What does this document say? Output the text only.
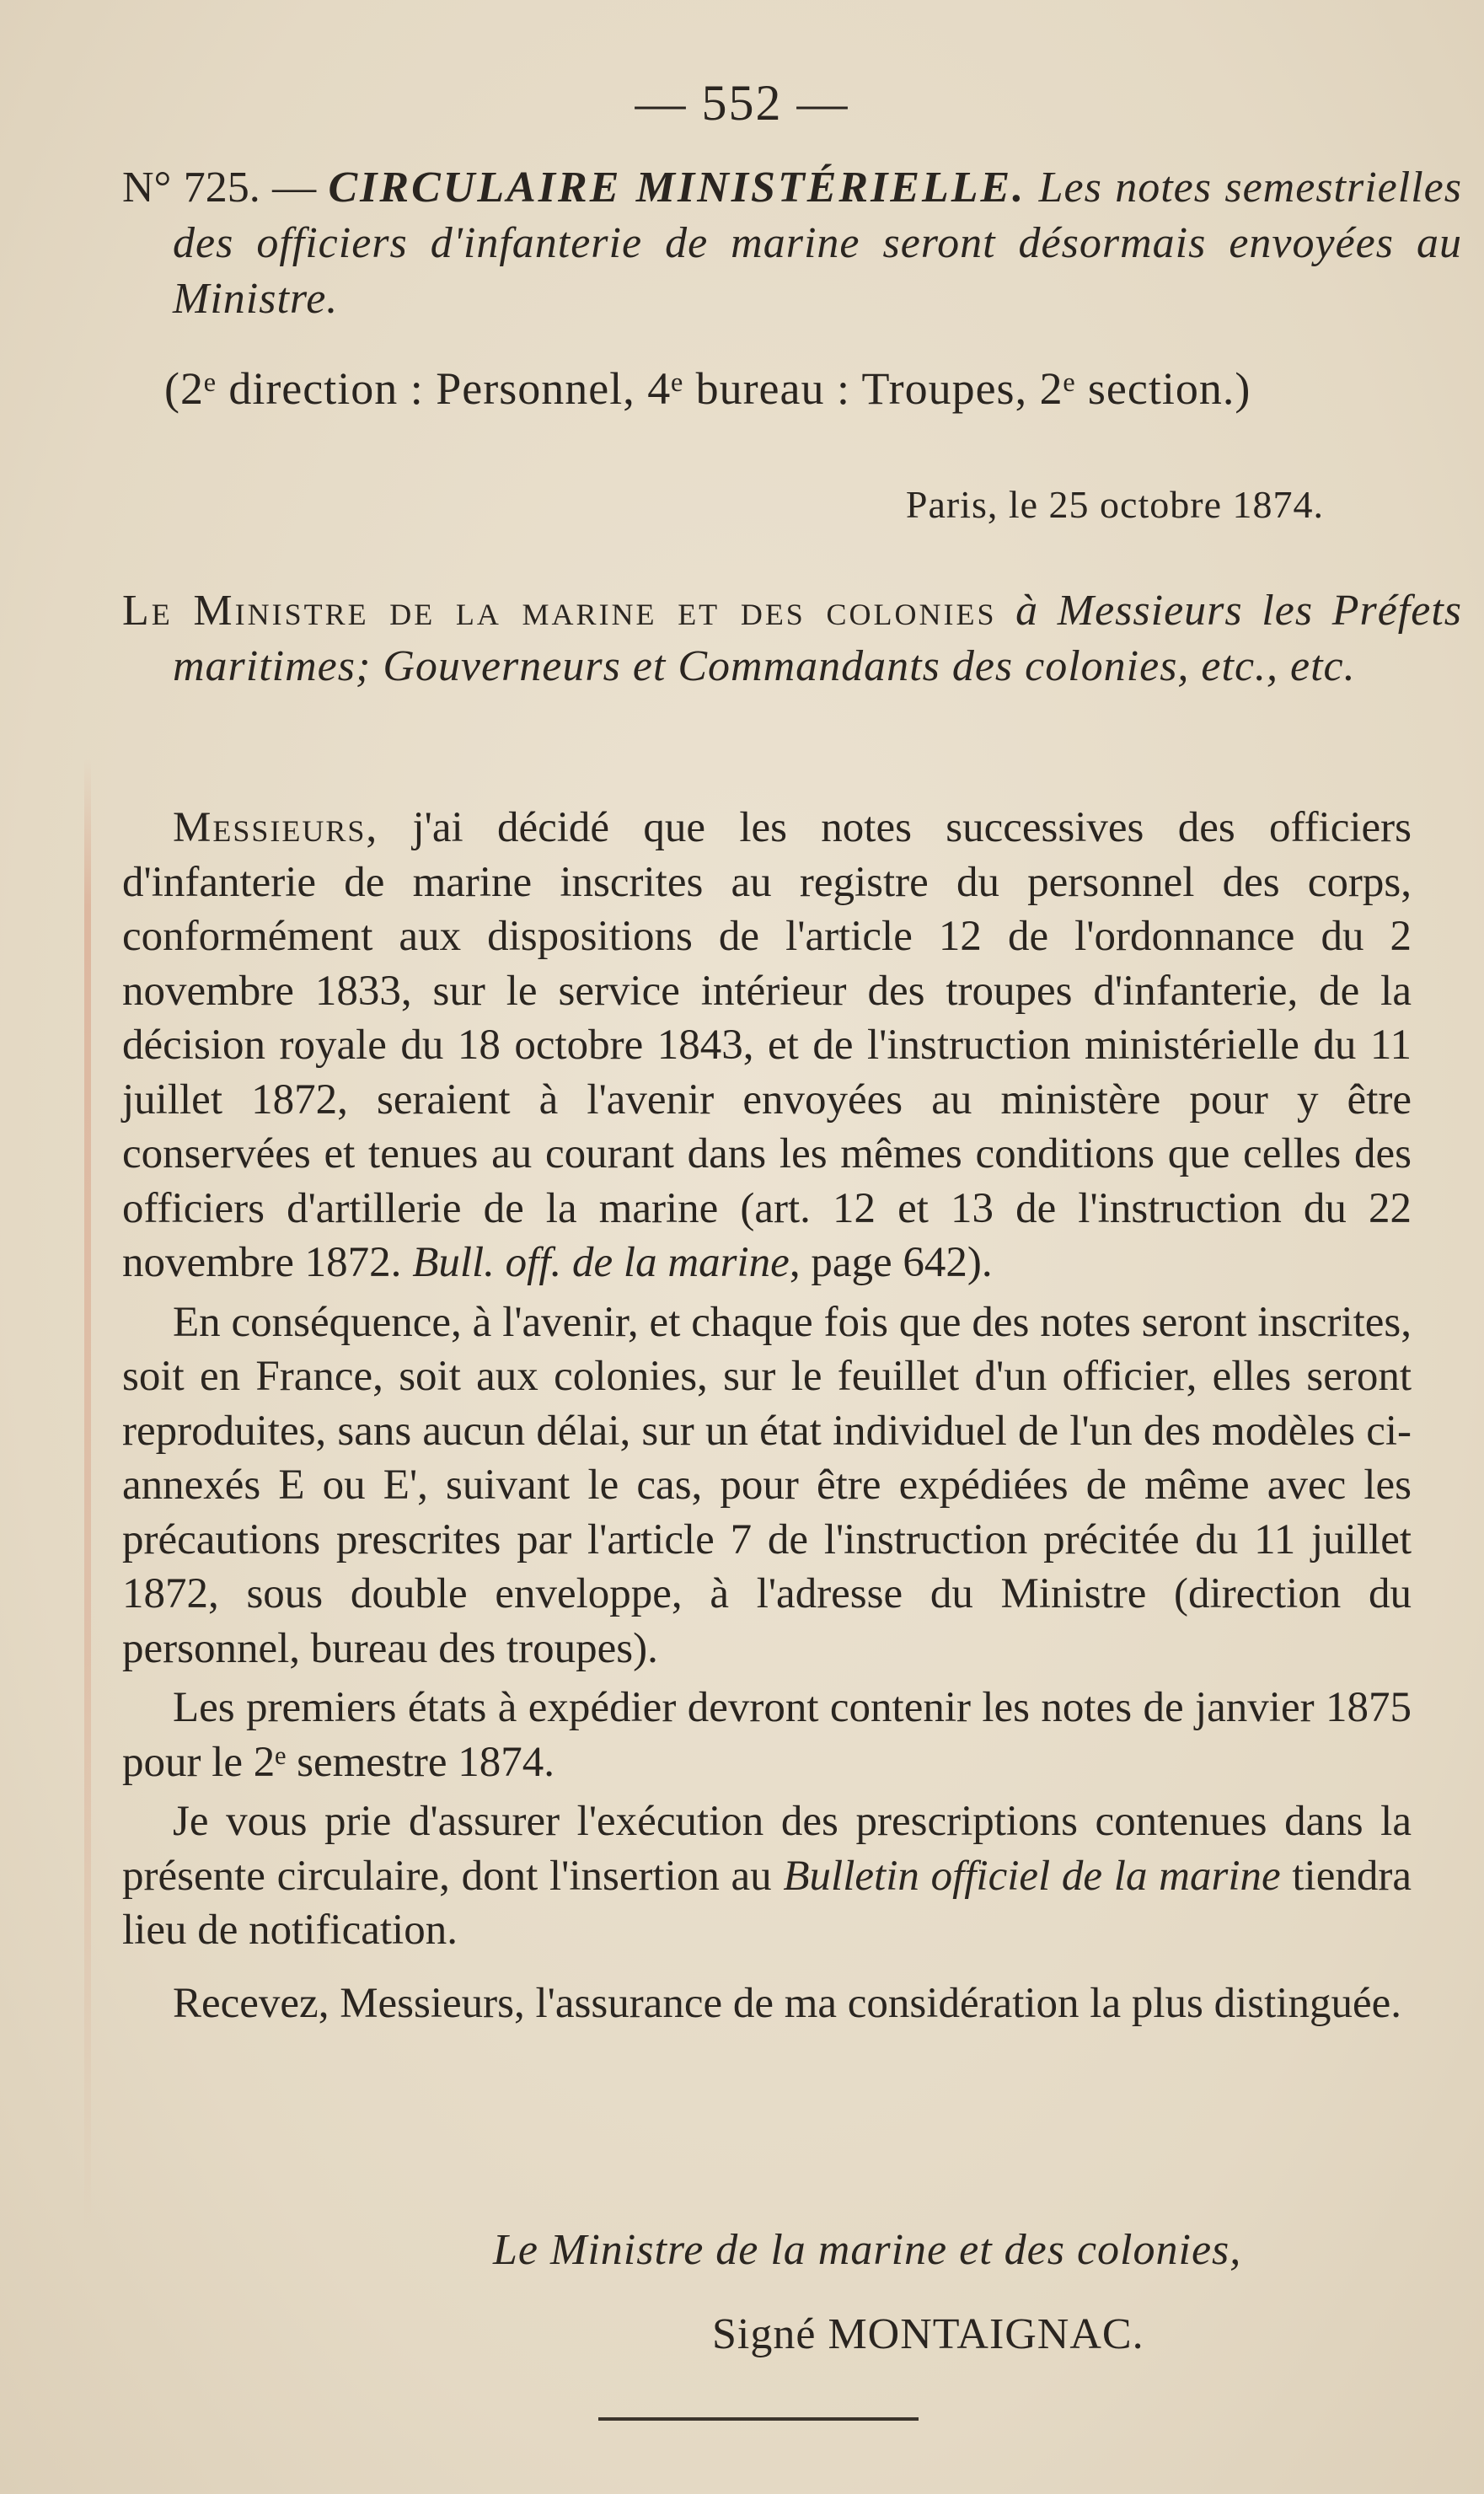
— 552 —
N° 725. — CIRCULAIRE MINISTÉRIELLE. Les notes semestrielles des officiers d'infanterie de marine seront désormais envoyées au Ministre.
(2ᵉ direction : Personnel, 4ᵉ bureau : Troupes, 2ᵉ section.)
Paris, le 25 octobre 1874.
Le Ministre de la marine et des colonies à Messieurs les Préfets maritimes; Gouverneurs et Commandants des colonies, etc., etc.

Messieurs, j'ai décidé que les notes successives des officiers d'infanterie de marine inscrites au registre du personnel des corps, conformément aux dispositions de l'article 12 de l'ordonnance du 2 novembre 1833, sur le service intérieur des troupes d'infanterie, de la décision royale du 18 octobre 1843, et de l'instruction ministérielle du 11 juillet 1872, seraient à l'avenir envoyées au ministère pour y être conservées et tenues au courant dans les mêmes conditions que celles des officiers d'artillerie de la marine (art. 12 et 13 de l'instruction du 22 novembre 1872. Bull. off. de la marine, page 642).

En conséquence, à l'avenir, et chaque fois que des notes seront inscrites, soit en France, soit aux colonies, sur le feuillet d'un officier, elles seront reproduites, sans aucun délai, sur un état individuel de l'un des modèles ci-annexés E ou E', suivant le cas, pour être expédiées de même avec les précautions prescrites par l'article 7 de l'instruction précitée du 11 juillet 1872, sous double enveloppe, à l'adresse du Ministre (direction du personnel, bureau des troupes).

Les premiers états à expédier devront contenir les notes de janvier 1875 pour le 2ᵉ semestre 1874.

Je vous prie d'assurer l'exécution des prescriptions contenues dans la présente circulaire, dont l'insertion au Bulletin officiel de la marine tiendra lieu de notification.

Recevez, Messieurs, l'assurance de ma considération la plus distinguée.

Le Ministre de la marine et des colonies,
Signé MONTAIGNAC.
